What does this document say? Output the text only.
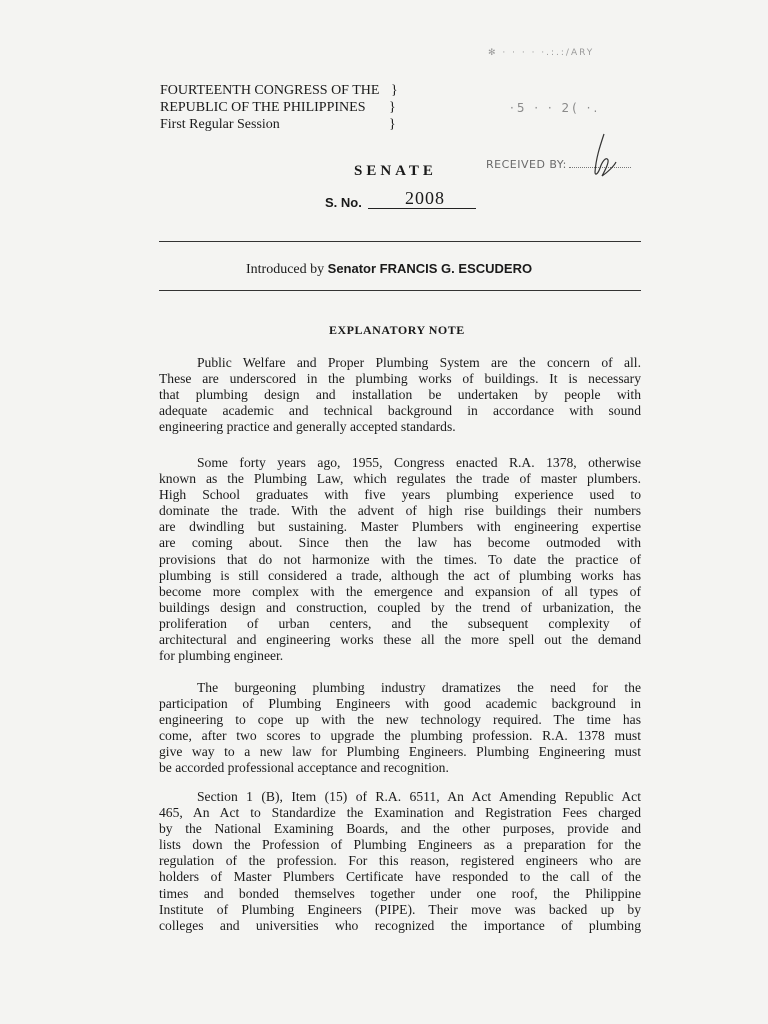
✻ · · · · ·.:.:/ARY
·5 · · 2( ·.
RECEIVED BY:
FOURTEENTH CONGRESS OF THE }
REPUBLIC OF THE PHILIPPINES }
First Regular Session	}
SENATE
S. No. 2008
Introduced by Senator FRANCIS G. ESCUDERO
EXPLANATORY NOTE
Public Welfare and Proper Plumbing System are the concern of all.
These are underscored in the plumbing works of buildings. It is necessary
that plumbing design and installation be undertaken by people with
adequate academic and technical background in accordance with sound
engineering practice and generally accepted standards.
Some forty years ago, 1955, Congress enacted R.A. 1378, otherwise
known as the Plumbing Law, which regulates the trade of master plumbers.
High School graduates with five years plumbing experience used to
dominate the trade. With the advent of high rise buildings their numbers
are dwindling but sustaining. Master Plumbers with engineering expertise
are coming about. Since then the law has become outmoded with
provisions that do not harmonize with the times. To date the practice of
plumbing is still considered a trade, although the act of plumbing works has
become more complex with the emergence and expansion of all types of
buildings design and construction, coupled by the trend of urbanization, the
proliferation of urban centers, and the subsequent complexity of
architectural and engineering works these all the more spell out the demand
for plumbing engineer.
The burgeoning plumbing industry dramatizes the need for the
participation of Plumbing Engineers with good academic background in
engineering to cope up with the new technology required. The time has
come, after two scores to upgrade the plumbing profession. R.A. 1378 must
give way to a new law for Plumbing Engineers. Plumbing Engineering must
be accorded professional acceptance and recognition.
Section 1 (B), Item (15) of R.A. 6511, An Act Amending Republic Act
465, An Act to Standardize the Examination and Registration Fees charged
by the National Examining Boards, and the other purposes, provide and
lists down the Profession of Plumbing Engineers as a preparation for the
regulation of the profession. For this reason, registered engineers who are
holders of Master Plumbers Certificate have responded to the call of the
times and bonded themselves together under one roof, the Philippine
Institute of Plumbing Engineers (PIPE). Their move was backed up by
colleges and universities who recognized the importance of plumbing
